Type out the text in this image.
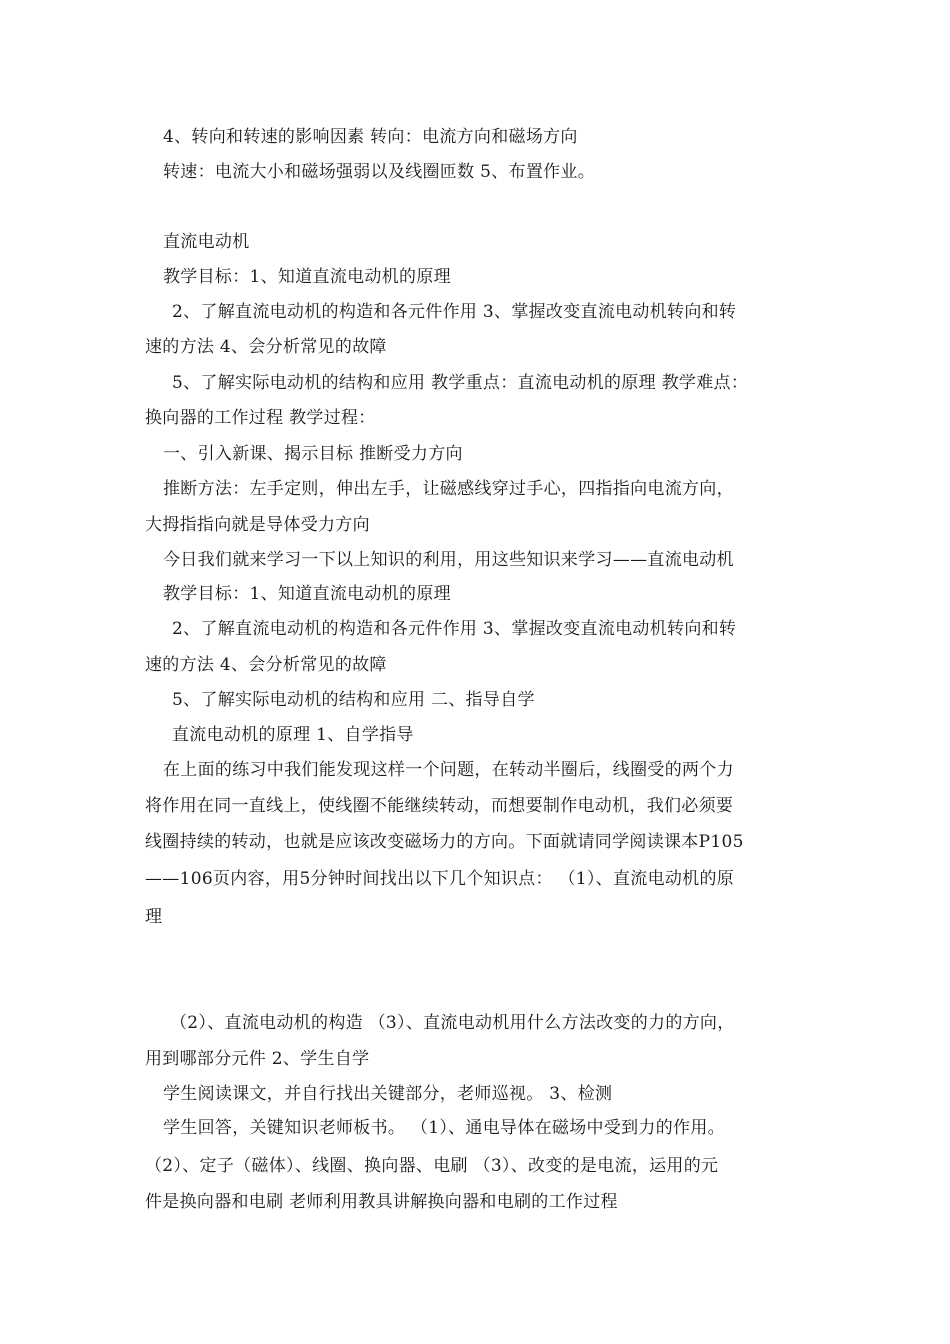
4、转向和转速的影响因素 转向：电流方向和磁场方向
转速：电流大小和磁场强弱以及线圈匝数 5、布置作业。
直流电动机
教学目标：1、知道直流电动机的原理
2、了解直流电动机的构造和各元件作用 3、掌握改变直流电动机转向和转
速的方法 4、会分析常见的故障
5、了解实际电动机的结构和应用 教学重点：直流电动机的原理 教学难点：
换向器的工作过程 教学过程：
一、引入新课、揭示目标 推断受力方向
推断方法：左手定则，伸出左手，让磁感线穿过手心，四指指向电流方向，
大拇指指向就是导体受力方向
今日我们就来学习一下以上知识的利用，用这些知识来学习——直流电动机
教学目标：1、知道直流电动机的原理
2、了解直流电动机的构造和各元件作用 3、掌握改变直流电动机转向和转
速的方法 4、会分析常见的故障
5、了解实际电动机的结构和应用 二、指导自学
直流电动机的原理 1、自学指导
在上面的练习中我们能发现这样一个问题，在转动半圈后，线圈受的两个力
将作用在同一直线上，使线圈不能继续转动，而想要制作电动机，我们必须要
线圈持续的转动，也就是应该改变磁场力的方向。下面就请同学阅读课本P105
——106页内容，用5分钟时间找出以下几个知识点： （1）、直流电动机的原
理
（2）、直流电动机的构造 （3）、直流电动机用什么方法改变的力的方向，
用到哪部分元件 2、学生自学
学生阅读课文，并自行找出关键部分，老师巡视。 3、检测
学生回答，关键知识老师板书。 （1）、通电导体在磁场中受到力的作用。
（2）、定子（磁体）、线圈、换向器、电刷 （3）、改变的是电流，运用的元
件是换向器和电刷 老师利用教具讲解换向器和电刷的工作过程
